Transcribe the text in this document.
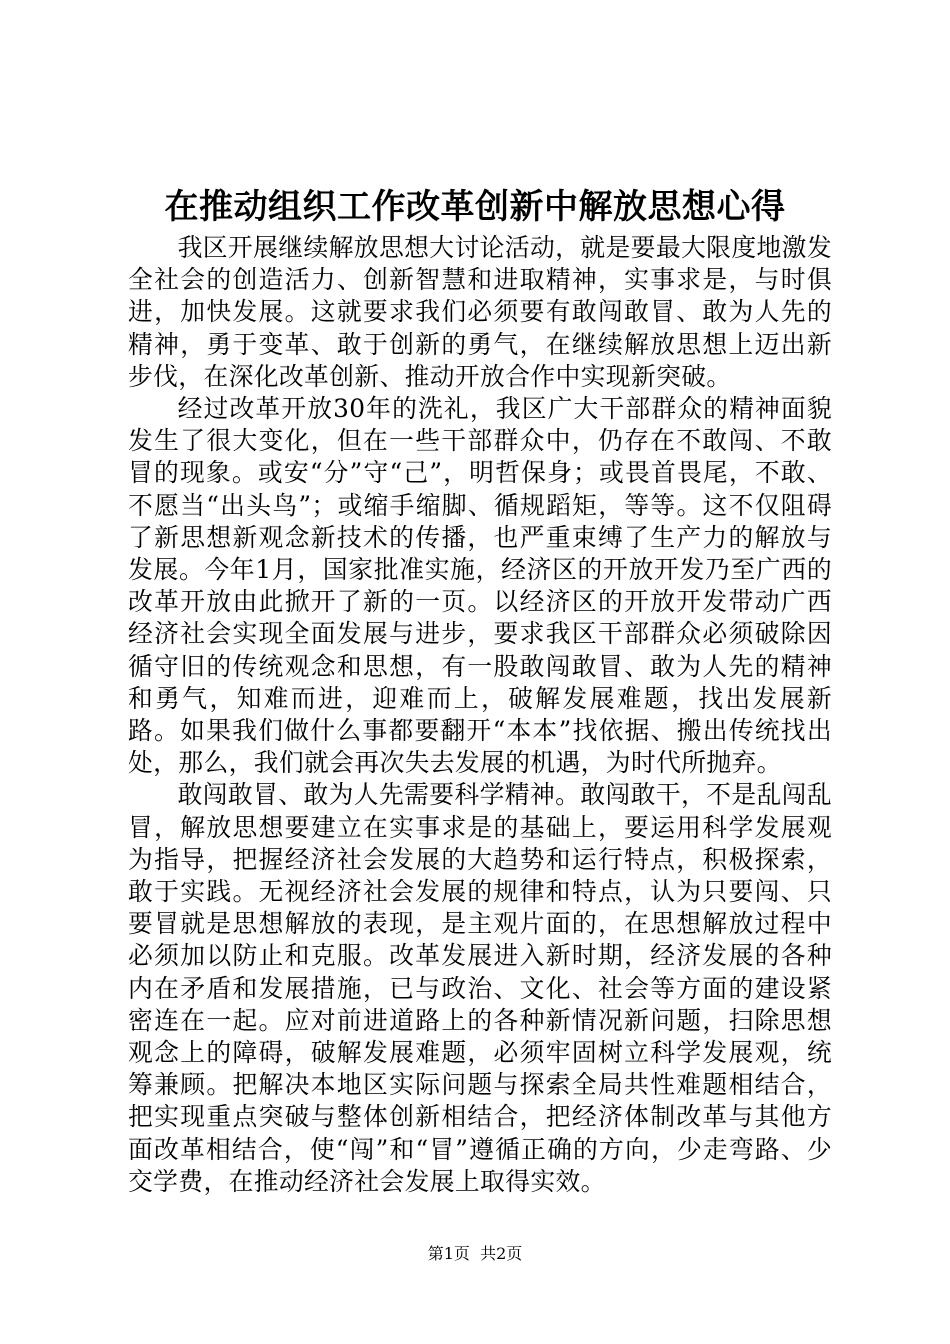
在推动组织工作改革创新中解放思想心得

我区开展继续解放思想大讨论活动，就是要最大限度地激发全社会的创造活力、创新智慧和进取精神，实事求是，与时俱进，加快发展。这就要求我们必须要有敢闯敢冒、敢为人先的精神，勇于变革、敢于创新的勇气，在继续解放思想上迈出新步伐，在深化改革创新、推动开放合作中实现新突破。

经过改革开放30年的洗礼，我区广大干部群众的精神面貌发生了很大变化，但在一些干部群众中，仍存在不敢闯、不敢冒的现象。或安“分”守“己”，明哲保身；或畏首畏尾，不敢、不愿当“出头鸟”；或缩手缩脚、循规蹈矩，等等。这不仅阻碍了新思想新观念新技术的传播，也严重束缚了生产力的解放与发展。今年1月，国家批准实施，经济区的开放开发乃至广西的改革开放由此掀开了新的一页。以经济区的开放开发带动广西经济社会实现全面发展与进步，要求我区干部群众必须破除因循守旧的传统观念和思想，有一股敢闯敢冒、敢为人先的精神和勇气，知难而进，迎难而上，破解发展难题，找出发展新路。如果我们做什么事都要翻开“本本”找依据、搬出传统找出处，那么，我们就会再次失去发展的机遇，为时代所抛弃。

敢闯敢冒、敢为人先需要科学精神。敢闯敢干，不是乱闯乱冒，解放思想要建立在实事求是的基础上，要运用科学发展观为指导，把握经济社会发展的大趋势和运行特点，积极探索，敢于实践。无视经济社会发展的规律和特点，认为只要闯、只要冒就是思想解放的表现，是主观片面的，在思想解放过程中必须加以防止和克服。改革发展进入新时期，经济发展的各种内在矛盾和发展措施，已与政治、文化、社会等方面的建设紧密连在一起。应对前进道路上的各种新情况新问题，扫除思想观念上的障碍，破解发展难题，必须牢固树立科学发展观，统筹兼顾。把解决本地区实际问题与探索全局共性难题相结合，把实现重点突破与整体创新相结合，把经济体制改革与其他方面改革相结合，使“闯”和“冒”遵循正确的方向，少走弯路、少交学费，在推动经济社会发展上取得实效。

第1页  共2页
